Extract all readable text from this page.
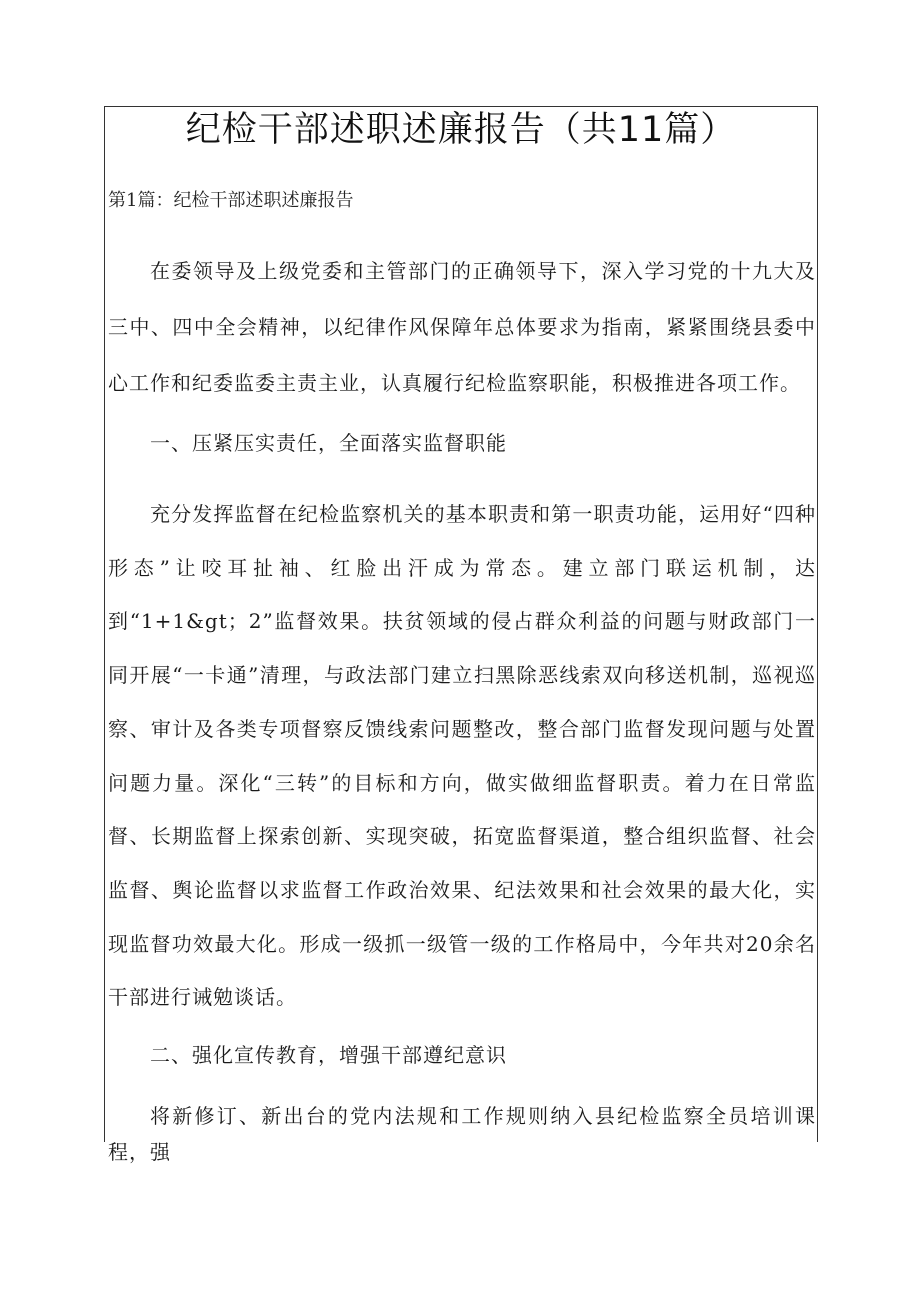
纪检干部述职述廉报告（共11篇）
第1篇：纪检干部述职述廉报告

在委领导及上级党委和主管部门的正确领导下，深入学习党的十九大及三中、四中全会精神，以纪律作风保障年总体要求为指南，紧紧围绕县委中心工作和纪委监委主责主业，认真履行纪检监察职能，积极推进各项工作。

一、压紧压实责任，全面落实监督职能

充分发挥监督在纪检监察机关的基本职责和第一职责功能，运用好“四种形态”让咬耳扯袖、红脸出汗成为常态。建立部门联运机制，达到“1+1&gt；2”监督效果。扶贫领域的侵占群众利益的问题与财政部门一同开展“一卡通”清理，与政法部门建立扫黑除恶线索双向移送机制，巡视巡察、审计及各类专项督察反馈线索问题整改，整合部门监督发现问题与处置问题力量。深化“三转”的目标和方向，做实做细监督职责。着力在日常监督、长期监督上探索创新、实现突破，拓宽监督渠道，整合组织监督、社会监督、舆论监督以求监督工作政治效果、纪法效果和社会效果的最大化，实现监督功效最大化。形成一级抓一级管一级的工作格局中，今年共对20余名干部进行诫勉谈话。

二、强化宣传教育，增强干部遵纪意识

将新修订、新出台的党内法规和工作规则纳入县纪检监察全员培训课程，强
